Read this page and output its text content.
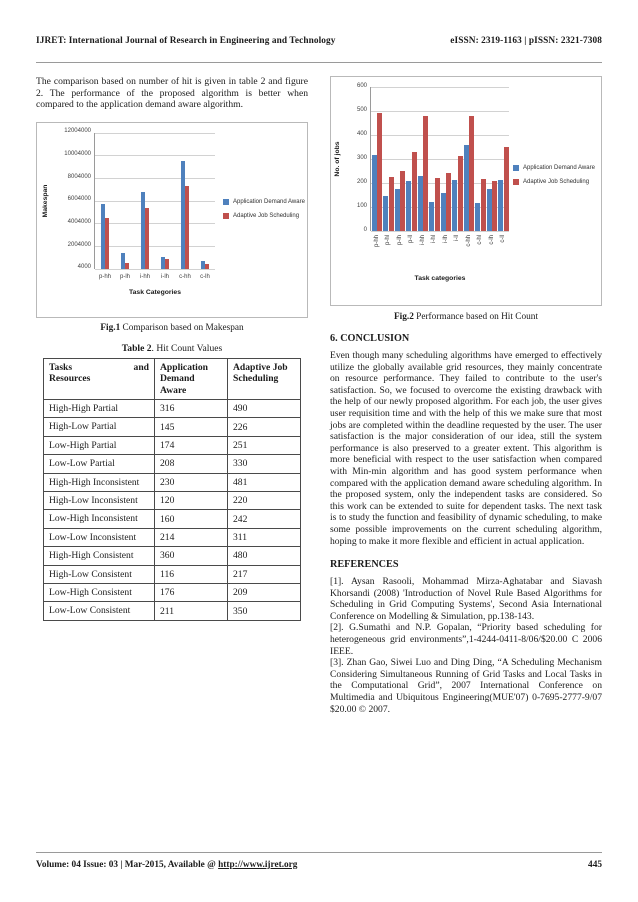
IJRET: International Journal of Research in Engineering and Technology	eISSN: 2319-1163 | pISSN: 2321-7308

The comparison based on number of hit is given in table 2 and figure 2. The performance of the proposed algorithm is better when compared to the application demand aware algorithm.

4000
2004000
4004000
6004000
8004000
10004000
12004000
p-hh	p-lh	i-hh	i-lh	c-hh	c-lh
Makespan
Task Categories
Application Demand Aware
Adaptive Job Scheduling
Fig.1 Comparison based on Makespan
Table 2. Hit Count Values
Tasks and
Resources	Application Demand Aware	Adaptive Job Scheduling
High-High Partial	316	490
High-Low Partial	145	226
Low-High Partial	174	251
Low-Low Partial	208	330
High-High Inconsistent	230	481
High-Low Inconsistent	120	220
Low-High Inconsistent	160	242
Low-Low Inconsistent	214	311
High-High Consistent	360	480
High-Low Consistent	116	217
Low-High Consistent	176	209
Low-Low Consistent	211	350
0
100
200
300
400
500
600
p-hh p-hl p-lh p-ll i-hh i-hl i-lh i-ll c-hh c-hl c-lh c-ll
No. of jobs
Task categories
Application Demand Aware
Adaptive Job Scheduling
Fig.2 Performance based on Hit Count
6. CONCLUSION

Even though many scheduling algorithms have emerged to effectively utilize the globally available grid resources, they mainly concentrate on resource performance. They failed to contribute to the user's satisfaction. So, we focused to overcome the existing drawback with the help of our newly proposed algorithm. For each job, the user gives user requisition time and with the help of this we make sure that most jobs are completed within the deadline requested by the user. The user satisfaction is the major consideration of our idea, still the system performance is also preserved to a greater extent. This algorithm is more beneficial with respect to the user satisfaction when compared with Min-min algorithm and has good system performance when compared with the application demand aware scheduling algorithm. In the proposed system, only the independent tasks are considered. So this work can be extended to suite for dependent tasks. The next task is to study the function and feasibility of dynamic scheduling, to make some possible improvements on the current scheduling algorithm, hoping to make it more flexible and efficient in actual application.

REFERENCES

[1]. Aysan Rasooli, Mohammad Mirza-Aghatabar and Siavash Khorsandi (2008) 'Introduction of Novel Rule Based Algorithms for Scheduling in Grid Computing Systems', Second Asia International Conference on Modelling & Simulation, pp.138-143.

[2]. G.Sumathi and N.P. Gopalan, “Priority based scheduling for heterogeneous grid environments”,1-4244-0411-8/06/$20.00 C 2006 IEEE.

[3]. Zhan Gao, Siwei Luo and Ding Ding, “A Scheduling Mechanism Considering Simultaneous Running of Grid Tasks and Local Tasks in the Computational Grid”, 2007 International Conference on Multimedia and Ubiquitous Engineering(MUE'07) 0-7695-2777-9/07 $20.00 © 2007.

Volume: 04 Issue: 03 | Mar-2015, Available @ http://www.ijret.org	445
